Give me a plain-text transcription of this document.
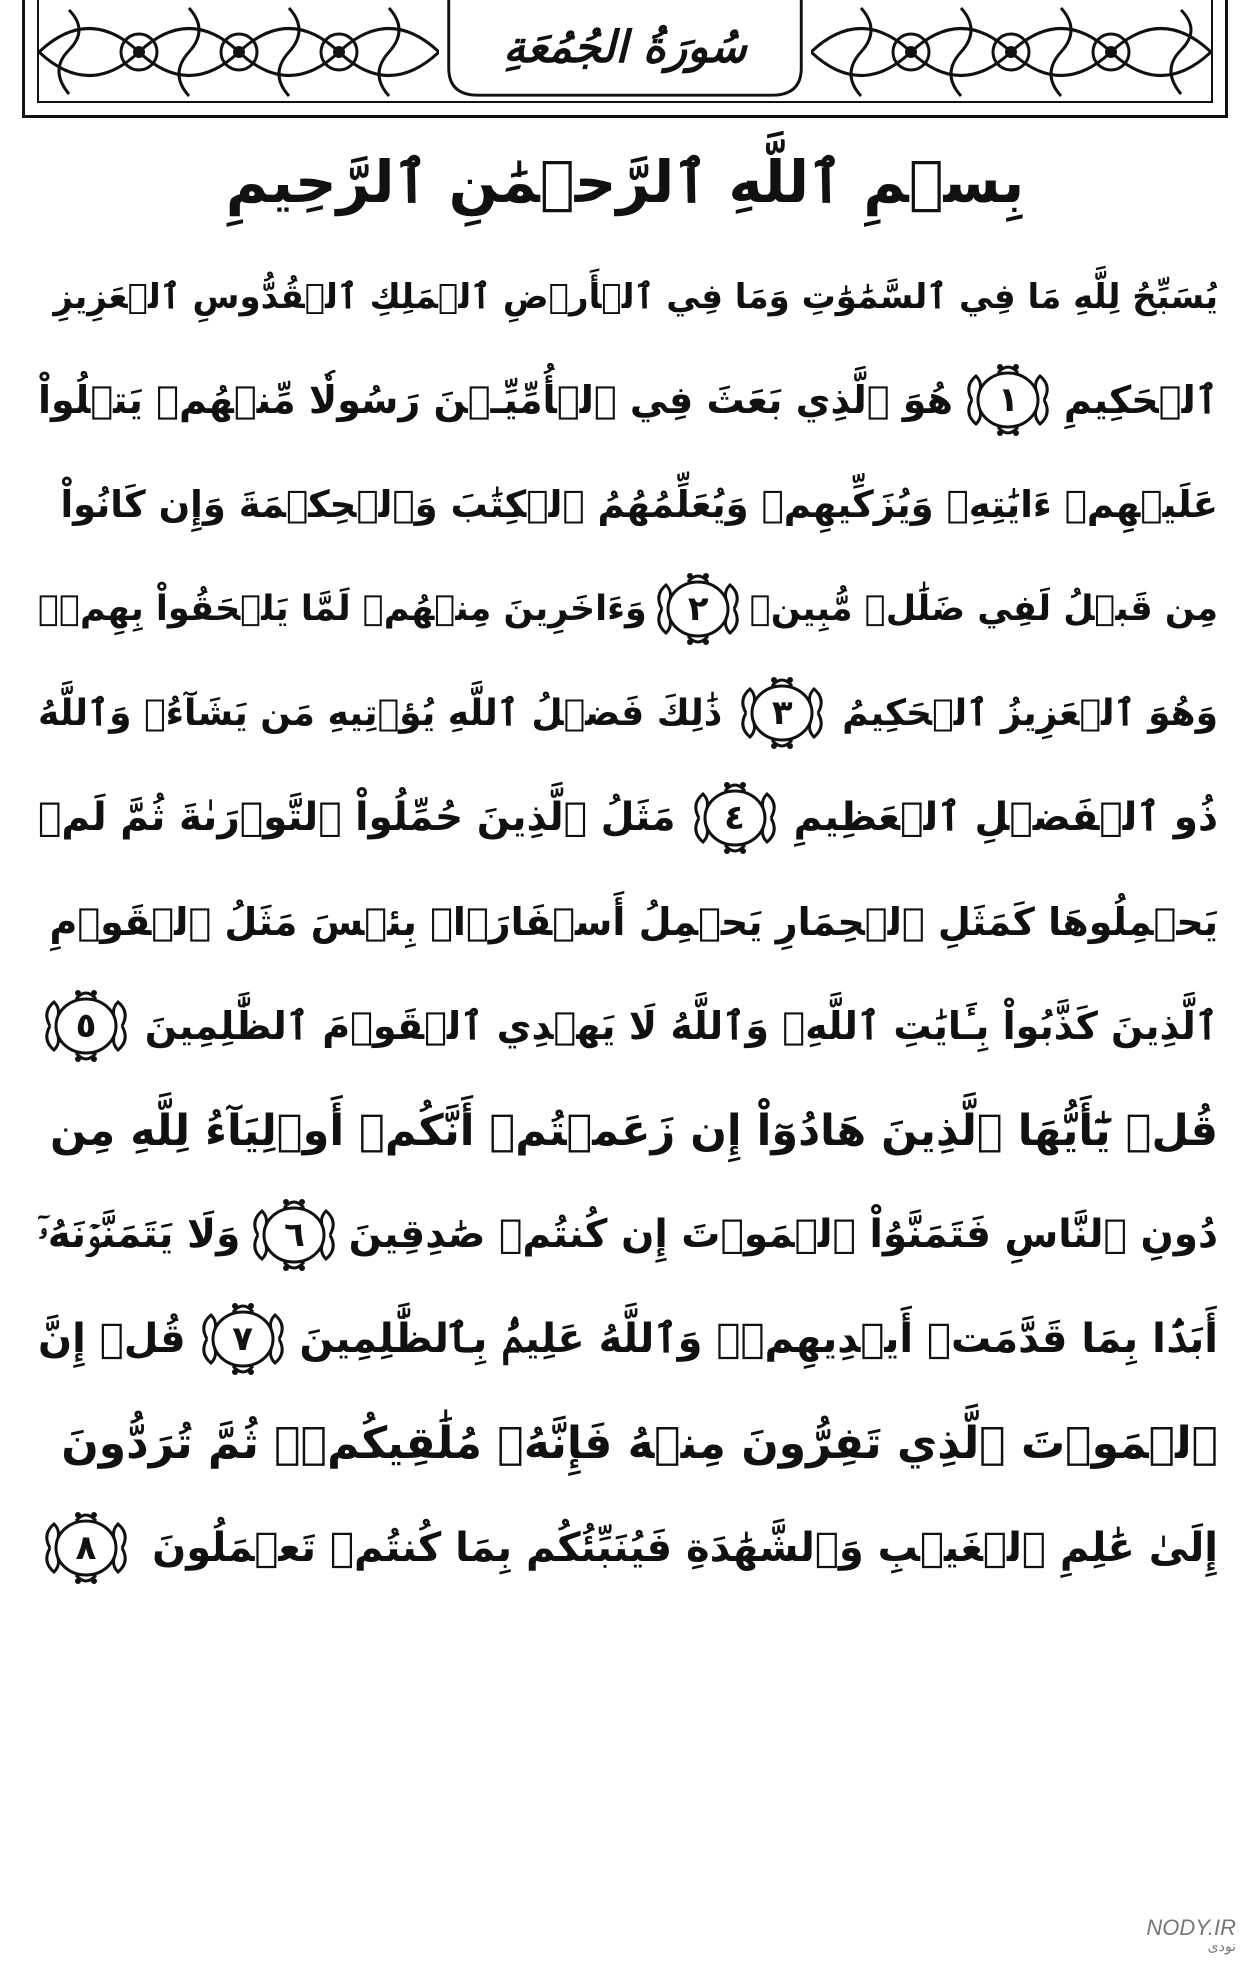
سُورَةُ الجُمُعَةِ
بِسۡمِ ٱللَّهِ ٱلرَّحۡمَٰنِ ٱلرَّحِيمِ
يُسَبِّحُ لِلَّهِ مَا فِي ٱلسَّمَٰوَٰتِ وَمَا فِي ٱلۡأَرۡضِ ٱلۡمَلِكِ ٱلۡقُدُّوسِ ٱلۡعَزِيزِ
ٱلۡحَكِيمِ
١
هُوَ ٱلَّذِي بَعَثَ فِي ٱلۡأُمِّيِّـۧنَ رَسُولٗا مِّنۡهُمۡ يَتۡلُواْ
عَلَيۡهِمۡ ءَايَٰتِهِۦ وَيُزَكِّيهِمۡ وَيُعَلِّمُهُمُ ٱلۡكِتَٰبَ وَٱلۡحِكۡمَةَ وَإِن كَانُواْ
مِن قَبۡلُ لَفِي ضَلَٰلٖ مُّبِينٖ
٢
وَءَاخَرِينَ مِنۡهُمۡ لَمَّا يَلۡحَقُواْ بِهِمۡۚ
وَهُوَ ٱلۡعَزِيزُ ٱلۡحَكِيمُ
٣
ذَٰلِكَ فَضۡلُ ٱللَّهِ يُؤۡتِيهِ مَن يَشَآءُۚ وَٱللَّهُ
ذُو ٱلۡفَضۡلِ ٱلۡعَظِيمِ
٤
مَثَلُ ٱلَّذِينَ حُمِّلُواْ ٱلتَّوۡرَىٰةَ ثُمَّ لَمۡ
يَحۡمِلُوهَا كَمَثَلِ ٱلۡحِمَارِ يَحۡمِلُ أَسۡفَارَۢاۚ بِئۡسَ مَثَلُ ٱلۡقَوۡمِ
ٱلَّذِينَ كَذَّبُواْ بِـَٔايَٰتِ ٱللَّهِۚ وَٱللَّهُ لَا يَهۡدِي ٱلۡقَوۡمَ ٱلظَّٰلِمِينَ
٥
قُلۡ يَٰٓأَيُّهَا ٱلَّذِينَ هَادُوٓاْ إِن زَعَمۡتُمۡ أَنَّكُمۡ أَوۡلِيَآءُ لِلَّهِ مِن
دُونِ ٱلنَّاسِ فَتَمَنَّوُاْ ٱلۡمَوۡتَ إِن كُنتُمۡ صَٰدِقِينَ
٦
وَلَا يَتَمَنَّوۡنَهُۥٓ
أَبَدَۢا بِمَا قَدَّمَتۡ أَيۡدِيهِمۡۚ وَٱللَّهُ عَلِيمُۢ بِٱلظَّٰلِمِينَ
٧
قُلۡ إِنَّ
ٱلۡمَوۡتَ ٱلَّذِي تَفِرُّونَ مِنۡهُ فَإِنَّهُۥ مُلَٰقِيكُمۡۖ ثُمَّ تُرَدُّونَ
إِلَىٰ عَٰلِمِ ٱلۡغَيۡبِ وَٱلشَّهَٰدَةِ فَيُنَبِّئُكُم بِمَا كُنتُمۡ تَعۡمَلُونَ
٨
NODY.IR
نودی
